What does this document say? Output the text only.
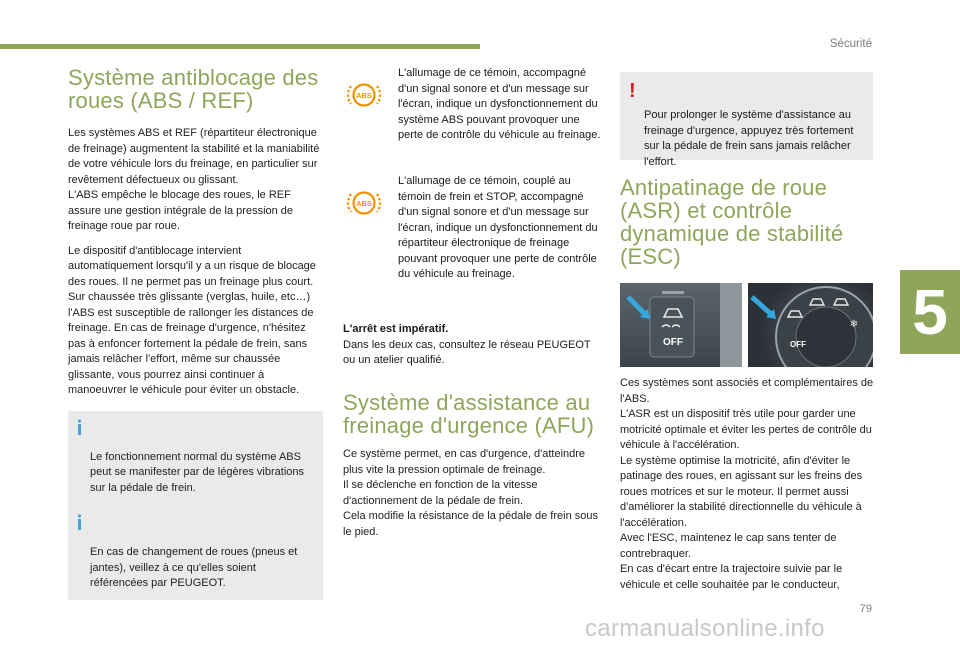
Sécurité
5
Système antiblocage des roues (ABS / REF)

Les systèmes ABS et REF (répartiteur électronique de freinage) augmentent la stabilité et la maniabilité de votre véhicule lors du freinage, en particulier sur revêtement défectueux ou glissant.
L'ABS empêche le blocage des roues, le REF assure une gestion intégrale de la pression de freinage roue par roue.

Le dispositif d'antiblocage intervient automatiquement lorsqu'il y a un risque de blocage des roues. Il ne permet pas un freinage plus court.
Sur chaussée très glissante (verglas, huile, etc…) l'ABS est susceptible de rallonger les distances de freinage. En cas de freinage d'urgence, n'hésitez pas à enfoncer fortement la pédale de frein, sans jamais relâcher l'effort, même sur chaussée glissante, vous pourrez ainsi continuer à manoeuvrer le véhicule pour éviter un obstacle.

Le fonctionnement normal du système ABS peut se manifester par de légères vibrations sur la pédale de frein.

En cas de changement de roues (pneus et jantes), veillez à ce qu'elles soient référencées par PEUGEOT.

ABS
L'allumage de ce témoin, accompagné d'un signal sonore et d'un message sur l'écran, indique un dysfonctionnement du système ABS pouvant provoquer une perte de contrôle du véhicule au freinage.
ABS
L'allumage de ce témoin, couplé au témoin de frein et STOP, accompagné d'un signal sonore et d'un message sur l'écran, indique un dysfonctionnement du répartiteur électronique de freinage pouvant provoquer une perte de contrôle du véhicule au freinage.
L'arrêt est impératif.
Dans les deux cas, consultez le réseau PEUGEOT ou un atelier qualifié.
Système d'assistance au freinage d'urgence (AFU)

Ce système permet, en cas d'urgence, d'atteindre plus vite la pression optimale de freinage.
Il se déclenche en fonction de la vitesse d'actionnement de la pédale de frein.
Cela modifie la résistance de la pédale de frein sous le pied.

!

Pour prolonger le système d'assistance au freinage d'urgence, appuyez très fortement sur la pédale de frein sans jamais relâcher l'effort.

Antipatinage de roue (ASR) et contrôle dynamique de stabilité (ESC)
OFF	OFF
❄

Ces systèmes sont associés et complémentaires de l'ABS.
L'ASR est un dispositif très utile pour garder une motricité optimale et éviter les pertes de contrôle du véhicule à l'accélération.
Le système optimise la motricité, afin d'éviter le patinage des roues, en agissant sur les freins des roues motrices et sur le moteur. Il permet aussi d'améliorer la stabilité directionnelle du véhicule à l'accélération.
Avec l'ESC, maintenez le cap sans tenter de contrebraquer.
En cas d'écart entre la trajectoire suivie par le véhicule et celle souhaitée par le conducteur,

79
carmanualsonline.info
